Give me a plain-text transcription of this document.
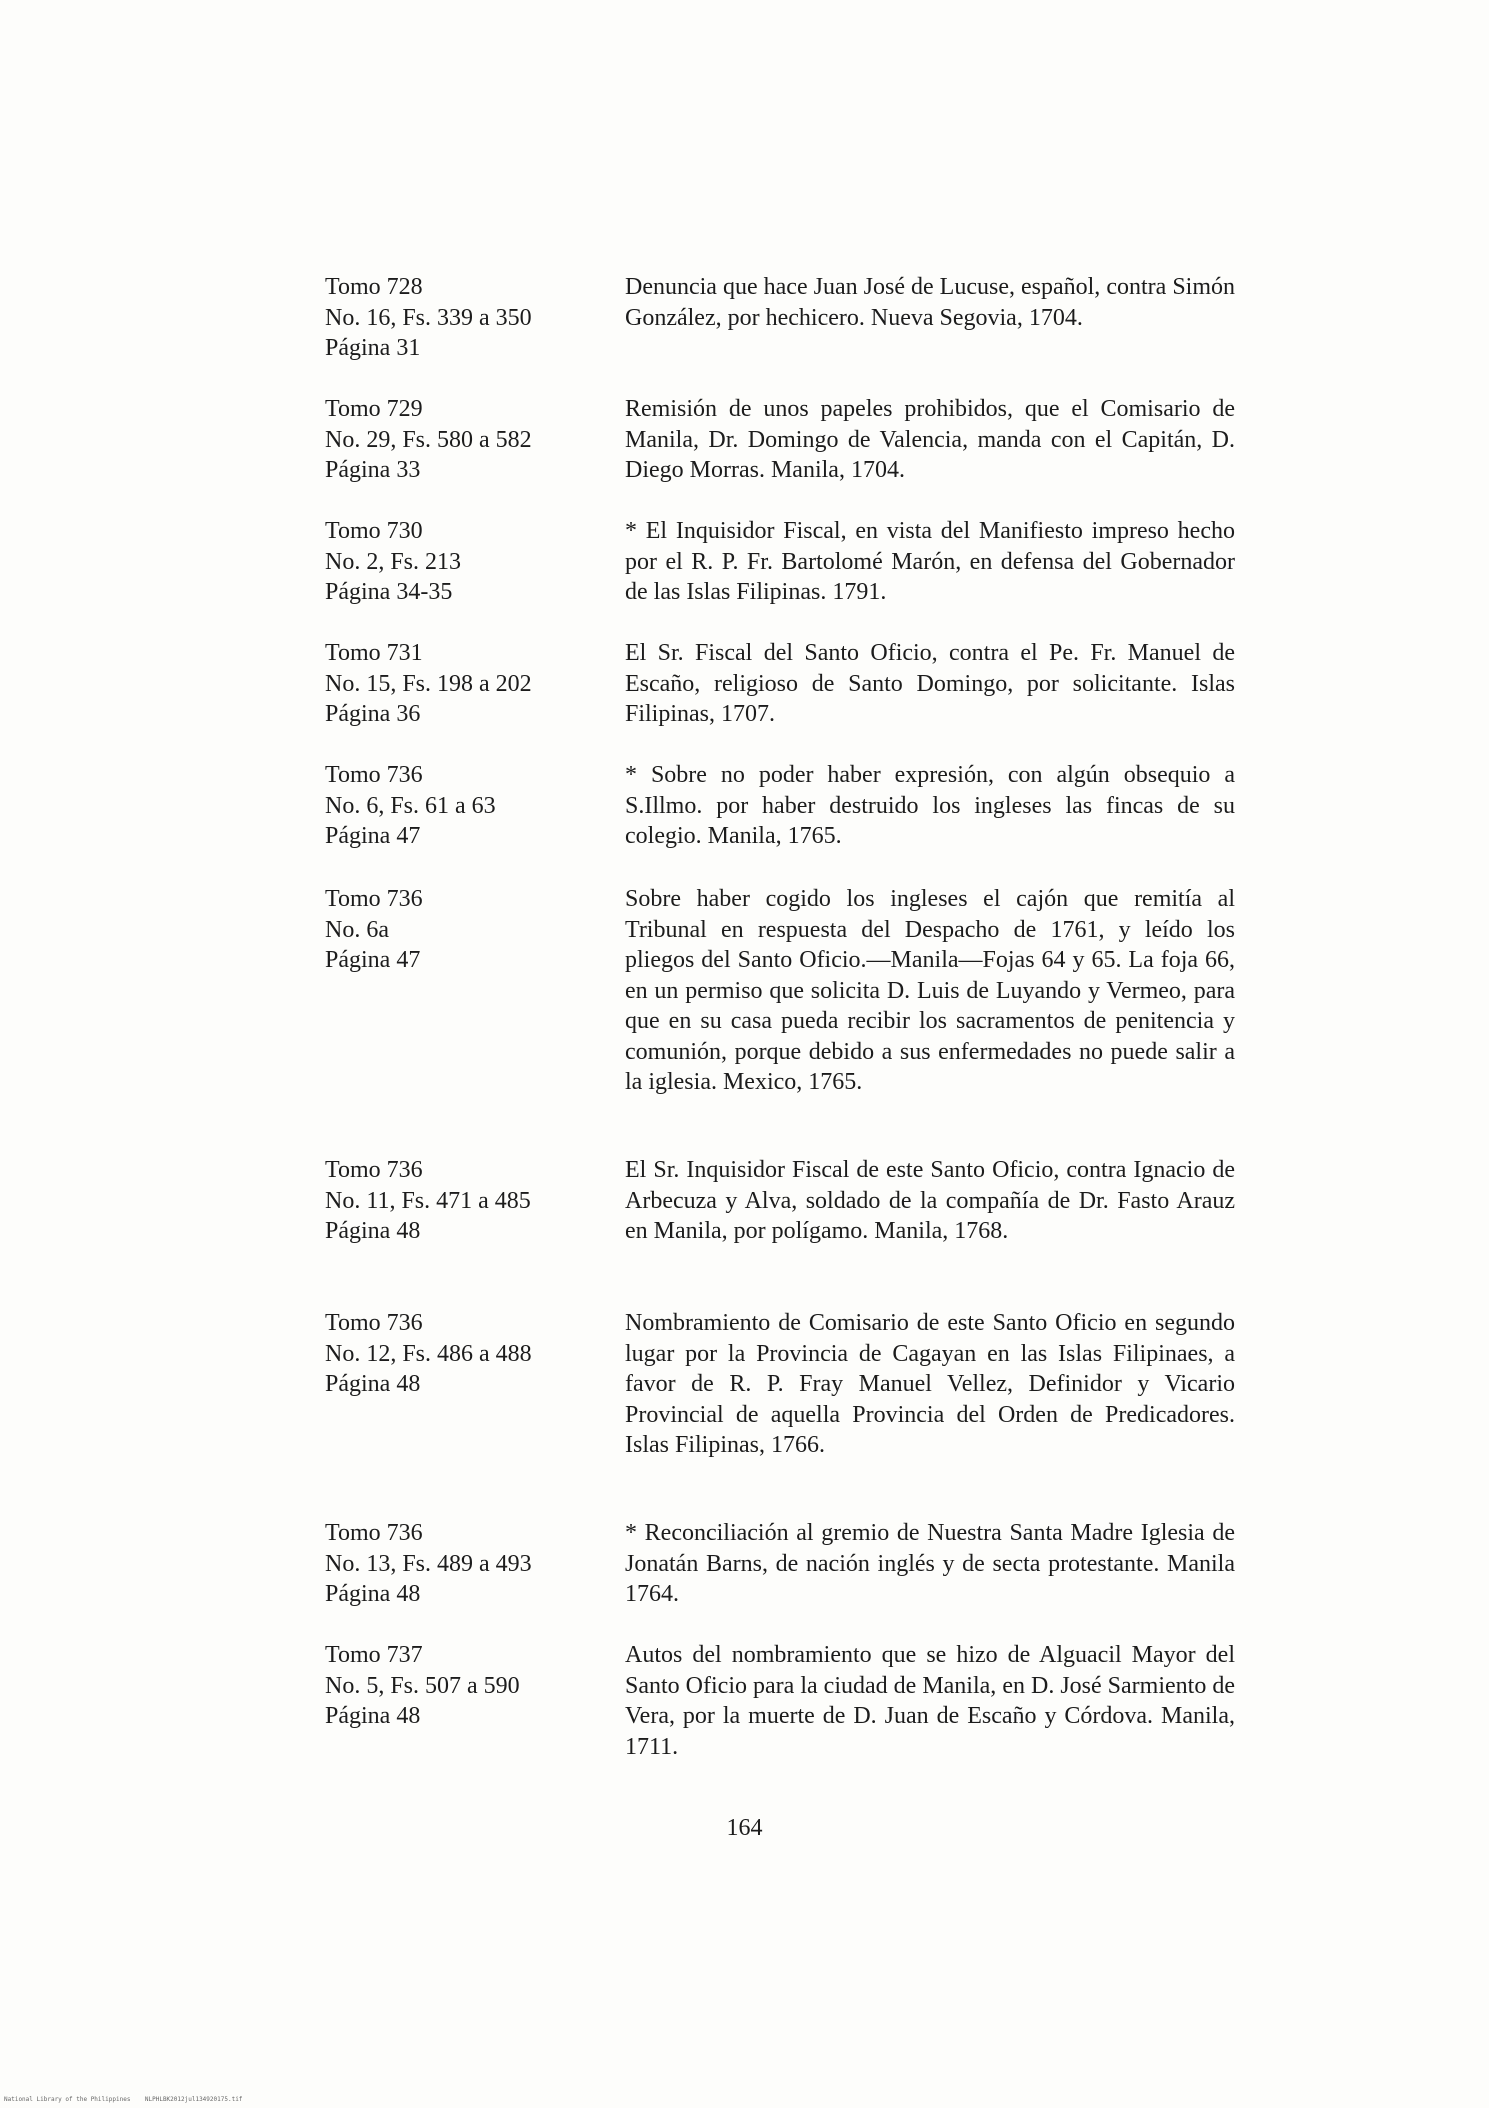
Tomo 728
No. 16, Fs. 339 a 350
Página 31
Denuncia que hace Juan José de Lucuse, español, contra Simón González, por hechicero. Nueva Segovia, 1704.
Tomo 729
No. 29, Fs. 580 a 582
Página 33
Remisión de unos papeles prohibidos, que el Comisario de Manila, Dr. Domingo de Valencia, manda con el Capitán, D. Diego Morras. Manila, 1704.
Tomo 730
No. 2, Fs. 213
Página 34-35
* El Inquisidor Fiscal, en vista del Manifiesto impreso hecho por el R. P. Fr. Bartolomé Marón, en defensa del Gobernador de las Islas Filipinas. 1791.
Tomo 731
No. 15, Fs. 198 a 202
Página 36
El Sr. Fiscal del Santo Oficio, contra el Pe. Fr. Manuel de Escaño, religioso de Santo Domingo, por solicitante. Islas Filipinas, 1707.
Tomo 736
No. 6, Fs. 61 a 63
Página 47
* Sobre no poder haber expresión, con algún obsequio a S.Illmo. por haber destruido los ingleses las fincas de su colegio. Manila, 1765.
Tomo 736
No. 6a
Página 47
Sobre haber cogido los ingleses el cajón que remitía al Tribunal en respuesta del Despacho de 1761, y leído los pliegos del Santo Oficio.—Manila—Fojas 64 y 65. La foja 66, en un permiso que solicita D. Luis de Luyando y Vermeo, para que en su casa pueda recibir los sacramentos de penitencia y comunión, porque debido a sus enfermedades no puede salir a la iglesia. Mexico, 1765.
Tomo 736
No. 11, Fs. 471 a 485
Página 48
El Sr. Inquisidor Fiscal de este Santo Oficio, contra Ignacio de Arbecuza y Alva, soldado de la compañía de Dr. Fasto Arauz en Manila, por polígamo. Manila, 1768.
Tomo 736
No. 12, Fs. 486 a 488
Página 48
Nombramiento de Comisario de este Santo Oficio en segundo lugar por la Provincia de Cagayan en las Islas Filipinaes, a favor de R. P. Fray Manuel Vellez, Definidor y Vicario Provincial de aquella Provincia del Orden de Predicadores. Islas Filipinas, 1766.
Tomo 736
No. 13, Fs. 489 a 493
Página 48
* Reconciliación al gremio de Nuestra Santa Madre Iglesia de Jonatán Barns, de nación inglés y de secta protestante. Manila 1764.
Tomo 737
No. 5, Fs. 507 a 590
Página 48
Autos del nombramiento que se hizo de Alguacil Mayor del Santo Oficio para la ciudad de Manila, en D. José Sarmiento de Vera, por la muerte de D. Juan de Escaño y Córdova. Manila, 1711.
164
National Library of the Philippines    NLPHLBK2012jul134920175.tif
